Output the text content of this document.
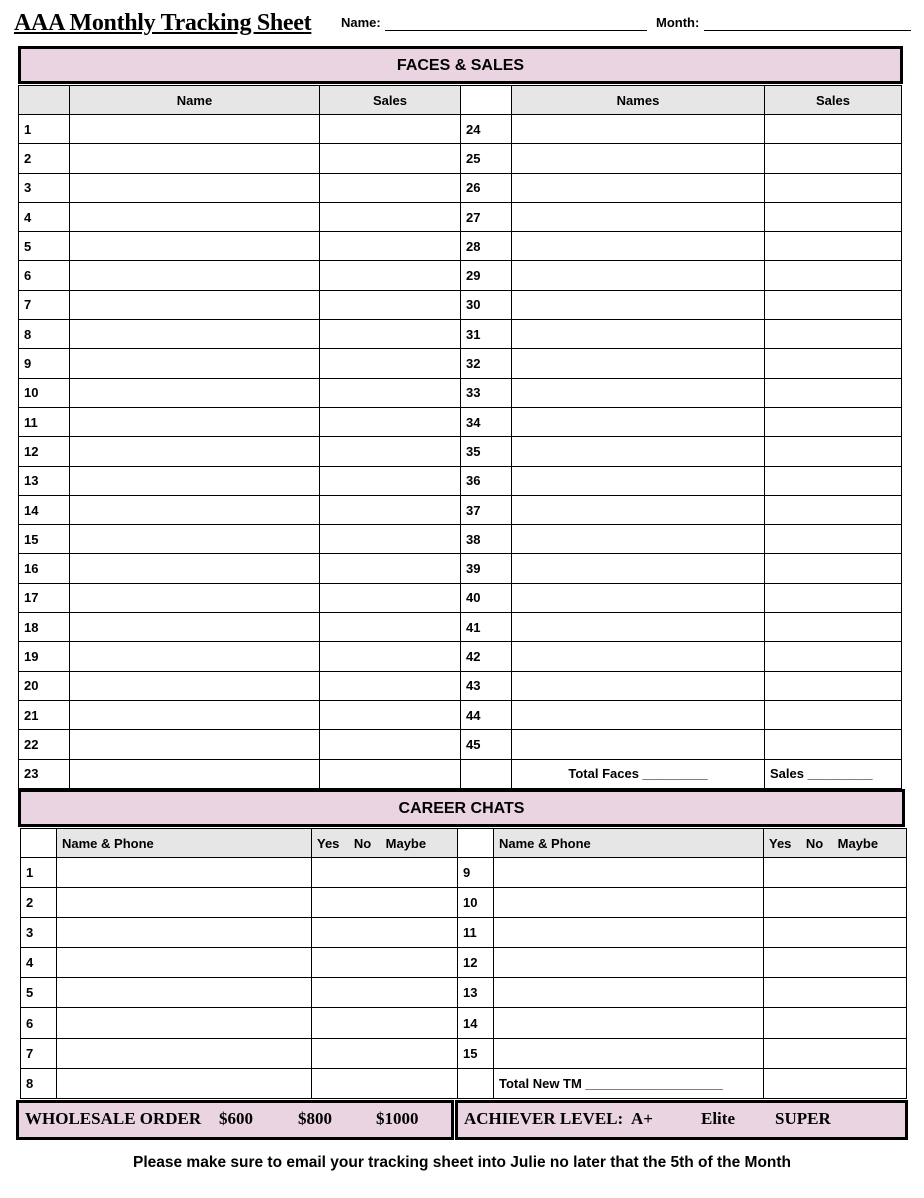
AAA Monthly Tracking Sheet Name:	Month:
FACES & SALES
	Name	Sales		Names	Sales
1			24		
2			25		
3			26		
4			27		
5			28		
6			29		
7			30		
8			31		
9			32		
10			33		
11			34		
12			35		
13			36		
14			37		
15			38		
16			39		
17			40		
18			41		
19			42		
20			43		
21			44		
22			45		
23				Total Faces _________	Sales _________
CAREER CHATS
	Name & Phone	Yes    No    Maybe		Name & Phone	Yes    No    Maybe
1			9		
2			10		
3			11		
4			12		
5			13		
6			14		
7			15		
8				Total New TM ___________________	
WHOLESALE ORDER $600	$800	$1000	ACHIEVER LEVEL: A+	Elite SUPER
Please make sure to email your tracking sheet into Julie no later that the 5th of the Month
